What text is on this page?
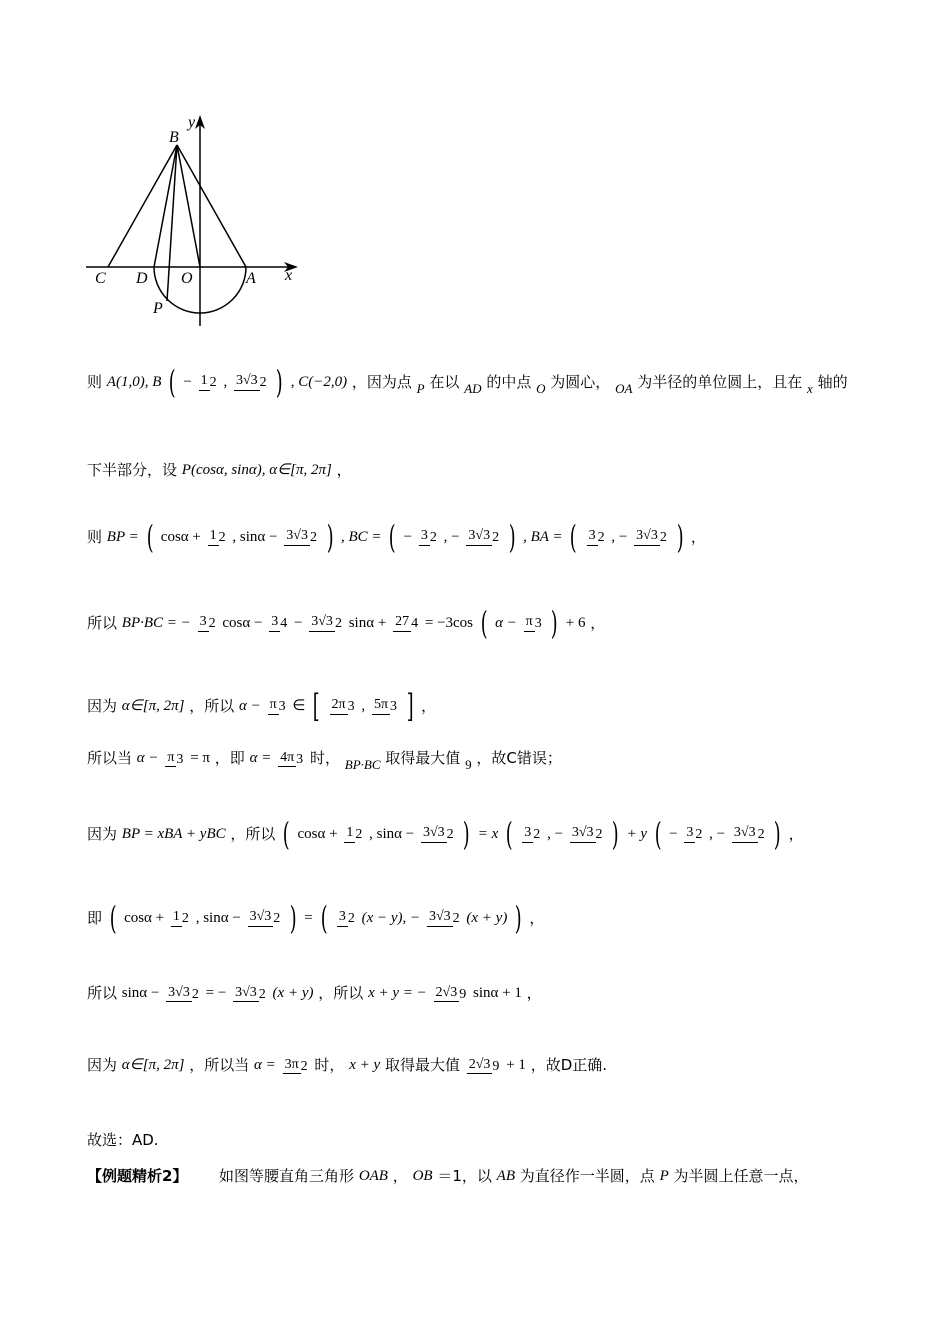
y
B
C D O	A x
P
则 A(1,0), B ( − 1 2 , 3√3 2 ) , C(−2,0) ，因为点 P 在以 AD 的中点 O 为圆心， OA 为半径的单位圆上，且在 x 轴的
下半部分，设 P(cosα, sinα), α∈[π, 2π] ，
则 BP = ( cosα + 1 2 , sinα − 3√3 2 ) , BC = ( − 3 2 , − 3√3 2 ) , BA = ( 3 2 , − 3√3 2 ) ，
所以 BP·BC = − 3 2 cosα − 3 4 − 3√3 2 sinα + 27 4 = −3cos ( α − π 3 ) + 6 ，
因为 α∈[π, 2π] ，所以 α − π 3 ∈ [ 2π 3 , 5π 3 ] ，
所以当 α − π 3 = π ，即 α = 4π 3 时， BP·BC 取得最大值 9 ，故C错误；
因为 BP = xBA + yBC ，所以 ( cosα + 1 2 , sinα − 3√3 2 ) = x ( 3 2 , − 3√3 2 ) + y ( − 3 2 , − 3√3 2 ) ，
即 ( cosα + 1 2 , sinα − 3√3 2 ) = ( 3 2 (x − y), − 3√3 2 (x + y) ) ，
所以 sinα − 3√3 2 = − 3√3 2 (x + y) ，所以 x + y = − 2√3 9 sinα + 1 ，
因为 α∈[π, 2π] ，所以当 α = 3π 2 时， x + y 取得最大值 2√3 9 + 1 ，故D正确.
故选：AD.
【例题精析2】 如图等腰直角三角形 OAB ， OB ＝1，以 AB 为直径作一半圆，点 P 为半圆上任意一点，
